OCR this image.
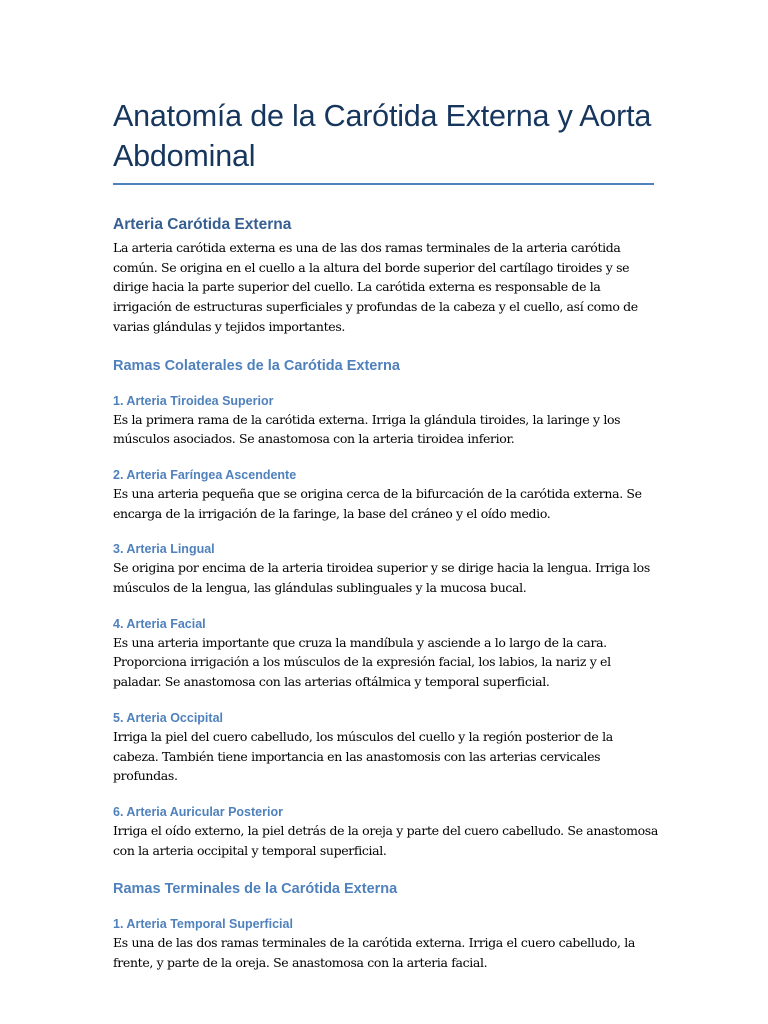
Anatomía de la Carótida Externa y Aorta Abdominal
Arteria Carótida Externa

La arteria carótida externa es una de las dos ramas terminales de la arteria carótida común. Se origina en el cuello a la altura del borde superior del cartílago tiroides y se dirige hacia la parte superior del cuello. La carótida externa es responsable de la irrigación de estructuras superficiales y profundas de la cabeza y el cuello, así como de varias glándulas y tejidos importantes.

Ramas Colaterales de la Carótida Externa
1. Arteria Tiroidea Superior

Es la primera rama de la carótida externa. Irriga la glándula tiroides, la laringe y los músculos asociados. Se anastomosa con la arteria tiroidea inferior.

2. Arteria Faríngea Ascendente

Es una arteria pequeña que se origina cerca de la bifurcación de la carótida externa. Se encarga de la irrigación de la faringe, la base del cráneo y el oído medio.

3. Arteria Lingual

Se origina por encima de la arteria tiroidea superior y se dirige hacia la lengua. Irriga los músculos de la lengua, las glándulas sublinguales y la mucosa bucal.

4. Arteria Facial

Es una arteria importante que cruza la mandíbula y asciende a lo largo de la cara. Proporciona irrigación a los músculos de la expresión facial, los labios, la nariz y el paladar. Se anastomosa con las arterias oftálmica y temporal superficial.

5. Arteria Occipital

Irriga la piel del cuero cabelludo, los músculos del cuello y la región posterior de la cabeza. También tiene importancia en las anastomosis con las arterias cervicales profundas.

6. Arteria Auricular Posterior

Irriga el oído externo, la piel detrás de la oreja y parte del cuero cabelludo. Se anastomosa con la arteria occipital y temporal superficial.

Ramas Terminales de la Carótida Externa
1. Arteria Temporal Superficial

Es una de las dos ramas terminales de la carótida externa. Irriga el cuero cabelludo, la frente, y parte de la oreja. Se anastomosa con la arteria facial.
